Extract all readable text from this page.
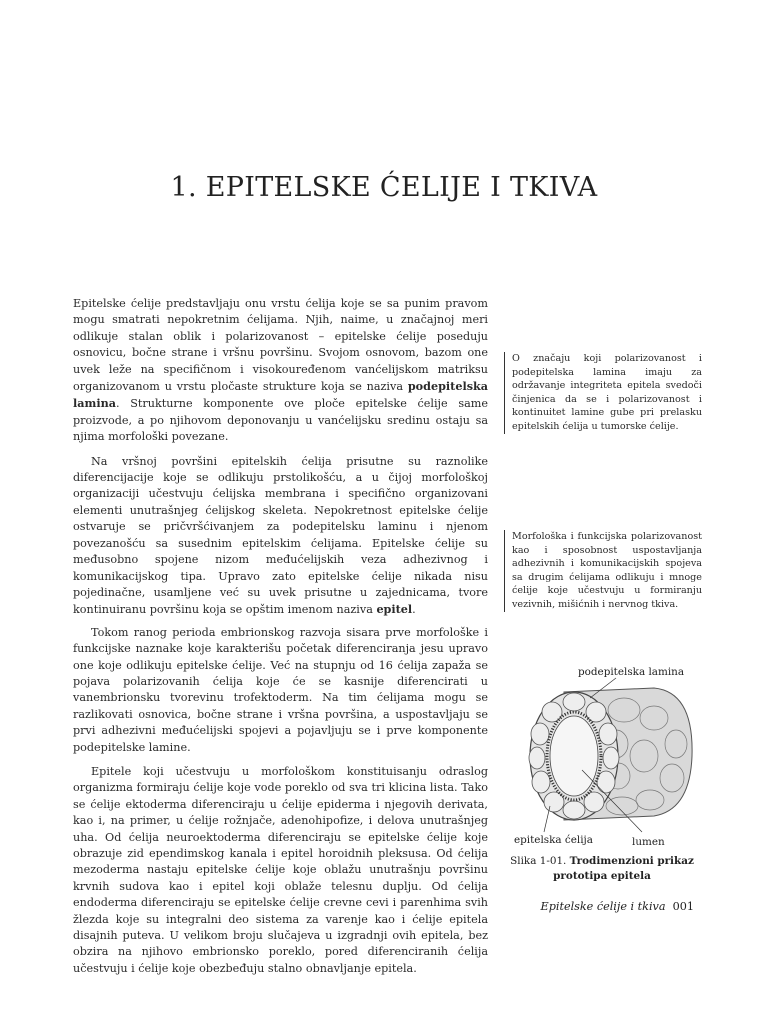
1. EPITELSKE ĆELIJE I TKIVA

Epitelske ćelije predstavljaju onu vrstu ćelija koje se sa punim pravom mogu smatrati nepokretnim ćelijama. Njih, naime, u značajnoj meri odlikuje stalan oblik i polarizovanost – epitelske ćelije poseduju osnovicu, bočne strane i vršnu površinu. Svojom osnovom, bazom one uvek leže na specifičnom i visokouređenom vanćelijskom matriksu organizovanom u vrstu pločaste strukture koja se naziva podepitelska lamina. Strukturne komponente ove ploče epitelske ćelije same proizvode, a po njihovom deponovanju u vanćelijsku sredinu ostaju sa njima morfološki povezane.

Na vršnoj površini epitelskih ćelija prisutne su raznolike diferencijacije koje se odlikuju prstolikošću, a u čijoj morfološkoj organizaciji učestvuju ćelijska membrana i specifično organizovani elementi unutrašnjeg ćelijskog skeleta. Nepokretnost epitelske ćelije ostvaruje se pričvršćivanjem za podepitelsku laminu i njenom povezanošću sa susednim epitelskim ćelijama. Epitelske ćelije su međusobno spojene nizom međućelijskih veza adhezivnog i komunikacijskog tipa. Upravo zato epitelske ćelije nikada nisu pojedinačne, usamljene već su uvek prisutne u zajednicama, tvore kontinuiranu površinu koja se opštim imenom naziva epitel.

Tokom ranog perioda embrionskog razvoja sisara prve morfološke i funkcijske naznake koje karakterišu početak diferenciranja jesu upravo one koje odlikuju epitelske ćelije. Već na stupnju od 16 ćelija zapaža se pojava polarizovanih ćelija koje će se kasnije diferencirati u vanembrionsku tvorevinu trofektoderm. Na tim ćelijama mogu se razlikovati osnovica, bočne strane i vršna površina, a uspostavljaju se prvi adhezivni međućelijski spojevi a pojavljuju se i prve komponente podepitelske lamine.

Epitele koji učestvuju u morfološkom konstituisanju odraslog organizma formiraju ćelije koje vode poreklo od sva tri klicina lista. Tako se ćelije ektoderma diferenciraju u ćelije epiderma i njegovih derivata, kao i, na primer, u ćelije rožnjače, adenohipofize, i delova unutrašnjeg uha. Od ćelija neuroektoderma diferenciraju se epitelske ćelije koje obrazuje zid ependimskog kanala i epitel horoidnih pleksusa. Od ćelija mezoderma nastaju epitelske ćelije koje oblažu unutrašnju površinu krvnih sudova kao i epitel koji oblaže telesnu duplju. Od ćelija endoderma diferenciraju se epitelske ćelije crevne cevi i parenhima svih žlezda koje su integralni deo sistema za varenje kao i ćelije epitela disajnih puteva. U velikom broju slučajeva u izgradnji ovih epitela, bez obzira na njihovo embrionsko poreklo, pored diferenciranih ćelija učestvuju i ćelije koje obezbeđuju stalno obnavljanje epitela.

O značaju koji polarizovanost i podepitelska lamina imaju za održavanje integriteta epitela svedoči činjenica da se i polarizovanost i kontinuitet lamine gube pri prelasku epitelskih ćelija u tumorske ćelije.
Morfološka i funkcijska polarizovanost kao i sposobnost uspostavljanja adhezivnih i komunikacijskih spojeva sa drugim ćelijama odlikuju i mnoge ćelije koje učestvuju u formiranju vezivnih, mišićnih i nervnog tkiva.
podepitelska lamina
epitelska ćelija	lumen
Slika 1-01. Trodimenzioni prikaz prototipa epitela
Epitelske ćelije i tkiva 001
